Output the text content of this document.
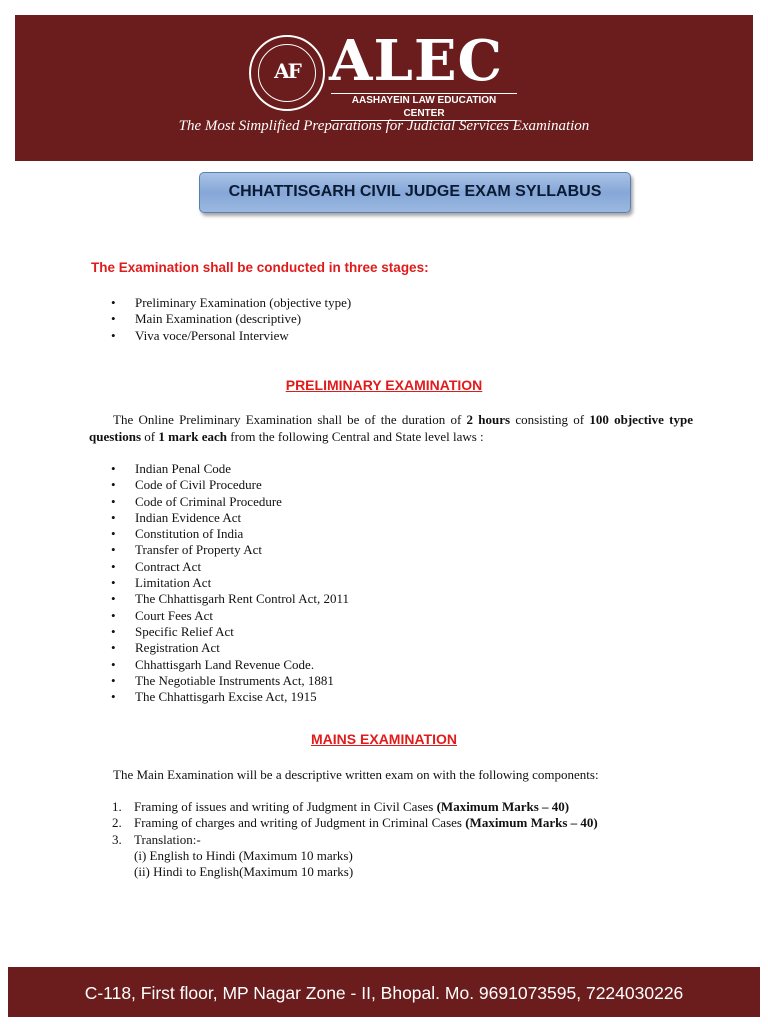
AF ALEC
AASHAYEIN LAW EDUCATION CENTER
The Most Simplified Preparations for Judicial Services Examination
CHHATTISGARH CIVIL JUDGE EXAM SYLLABUS
The Examination shall be conducted in three stages:
• Preliminary Examination (objective type)
• Main Examination (descriptive)
• Viva voce/Personal Interview
PRELIMINARY EXAMINATION
The Online Preliminary Examination shall be of the duration of 2 hours consisting of 100 objective type questions of 1 mark each from the following Central and State level laws :
• Indian Penal Code
• Code of Civil Procedure
• Code of Criminal Procedure
• Indian Evidence Act
• Constitution of India
• Transfer of Property Act
• Contract Act
• Limitation Act
• The Chhattisgarh Rent Control Act, 2011
• Court Fees Act
• Specific Relief Act
• Registration Act
• Chhattisgarh Land Revenue Code.
• The Negotiable Instruments Act, 1881
• The Chhattisgarh Excise Act, 1915
MAINS EXAMINATION
The Main Examination will be a descriptive written exam on with the following components:
1. Framing of issues and writing of Judgment in Civil Cases (Maximum Marks – 40)
2. Framing of charges and writing of Judgment in Criminal Cases (Maximum Marks – 40)
3. Translation:-
(i) English to Hindi (Maximum 10 marks)
(ii) Hindi to English(Maximum 10 marks)
C-118, First floor, MP Nagar Zone - II, Bhopal. Mo. 9691073595, 7224030226
